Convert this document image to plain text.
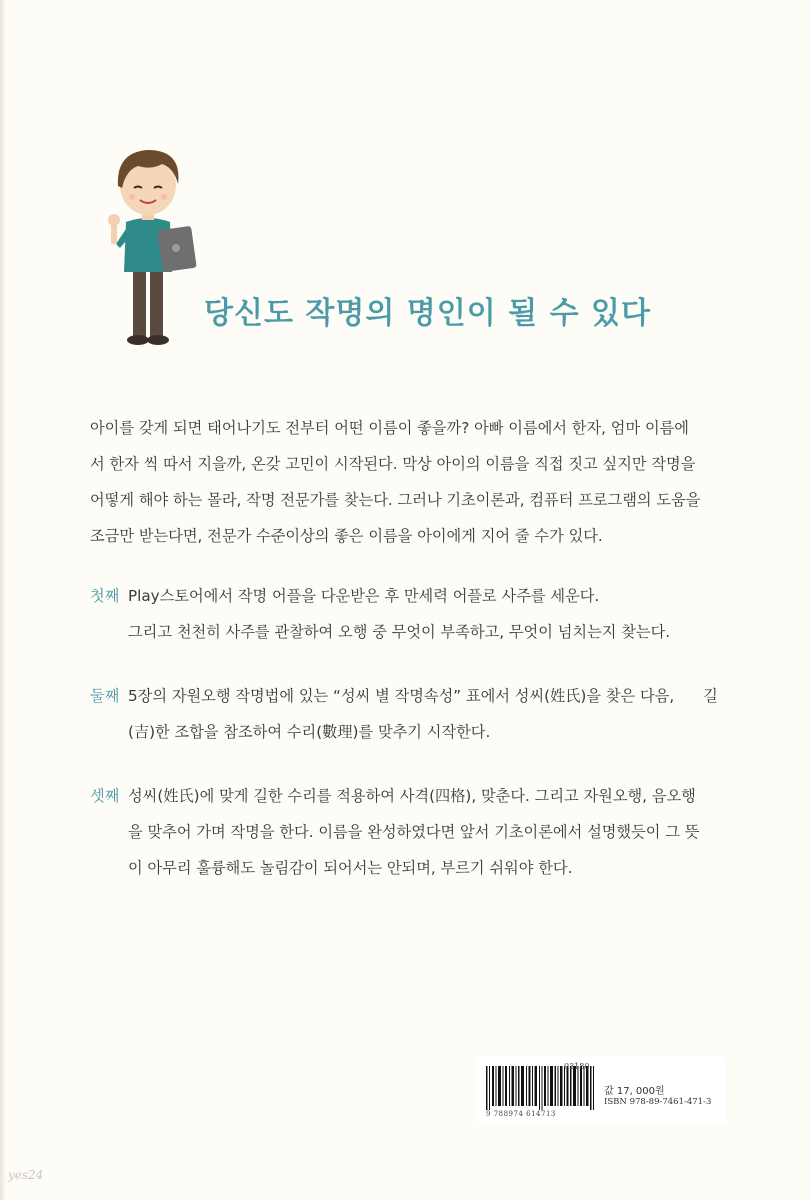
당신도 작명의 명인이 될 수 있다
아이를 갖게 되면 태어나기도 전부터 어떤 이름이 좋을까? 아빠 이름에서 한자, 엄마 이름에
서 한자 씩 따서 지을까, 온갖 고민이 시작된다. 막상 아이의 이름을 직접 짓고 싶지만 작명을
어떻게 해야 하는 몰라, 작명 전문가를 찾는다. 그러나 기초이론과, 컴퓨터 프로그램의 도움을
조금만 받는다면, 전문가 수준이상의 좋은 이름을 아이에게 지어 줄 수가 있다.
첫째 Play스토어에서 작명 어플을 다운받은 후 만세력 어플로 사주를 세운다.
그리고 천천히 사주를 관찰하여 오행 중 무엇이 부족하고, 무엇이 넘치는지 찾는다.
둘째 5장의 자원오행 작명법에 있는 “성씨 별 작명속성” 표에서 성씨(姓氏)을 찾은 다음,      길
(吉)한 조합을 참조하여 수리(數理)를 맞추기 시작한다.
셋째 성씨(姓氏)에 맞게 길한 수리를 적용하여 사격(四格), 맞춘다. 그리고 자원오행, 음오행
을 맞추어 가며 작명을 한다. 이름을 완성하였다면 앞서 기초이론에서 설명했듯이 그 뜻
이 아무리 훌륭해도 놀림감이 되어서는 안되며, 부르기 쉬워야 한다.
03180
값 17, 000원
ISBN 978-89-7461-471-3
9 788974 614713
yes24
